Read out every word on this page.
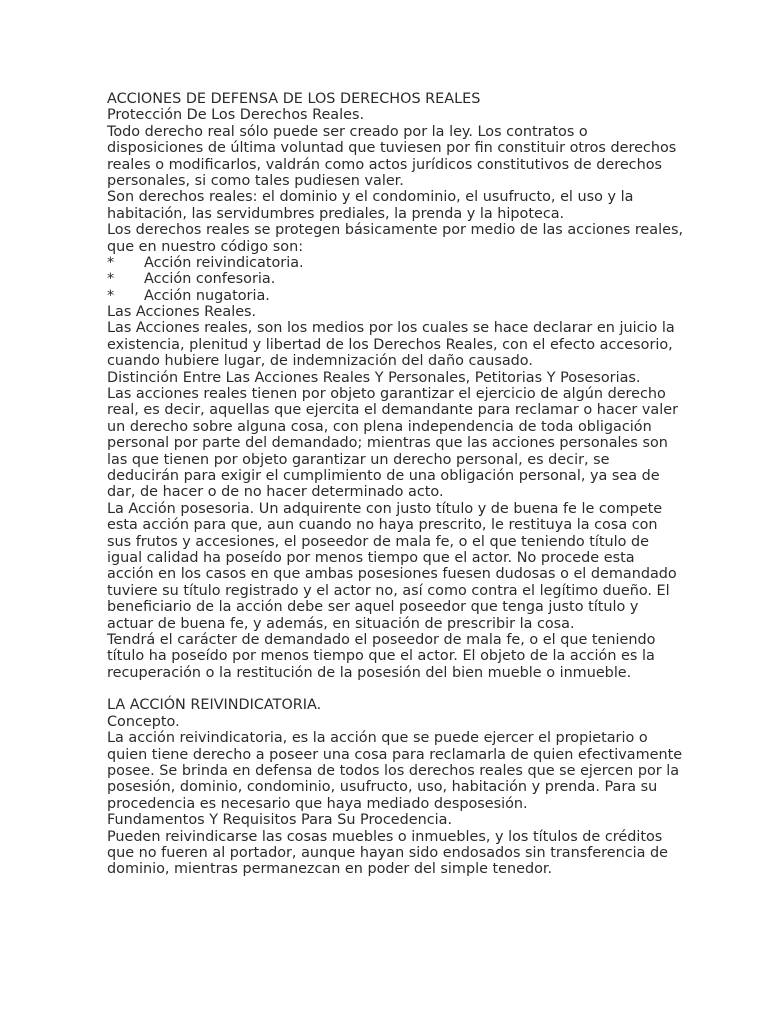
ACCIONES DE DEFENSA DE LOS DERECHOS REALES
Protección De Los Derechos Reales.
Todo derecho real sólo puede ser creado por la ley. Los contratos o
disposiciones de última voluntad que tuviesen por fin constituir otros derechos
reales o modificarlos, valdrán como actos jurídicos constitutivos de derechos
personales, si como tales pudiesen valer.
Son derechos reales: el dominio y el condominio, el usufructo, el uso y la
habitación, las servidumbres prediales, la prenda y la hipoteca.
Los derechos reales se protegen básicamente por medio de las acciones reales,
que en nuestro código son:
*	Acción reivindicatoria.
*	Acción confesoria.
*	Acción nugatoria.
Las Acciones Reales.
Las Acciones reales, son los medios por los cuales se hace declarar en juicio la
existencia, plenitud y libertad de los Derechos Reales, con el efecto accesorio,
cuando hubiere lugar, de indemnización del daño causado.
Distinción Entre Las Acciones Reales Y Personales, Petitorias Y Posesorias.
Las acciones reales tienen por objeto garantizar el ejercicio de algún derecho
real, es decir, aquellas que ejercita el demandante para reclamar o hacer valer
un derecho sobre alguna cosa, con plena independencia de toda obligación
personal por parte del demandado; mientras que las acciones personales son
las que tienen por objeto garantizar un derecho personal, es decir, se
deducirán para exigir el cumplimiento de una obligación personal, ya sea de
dar, de hacer o de no hacer determinado acto.
La Acción posesoria. Un adquirente con justo título y de buena fe le compete
esta acción para que, aun cuando no haya prescrito, le restituya la cosa con
sus frutos y accesiones, el poseedor de mala fe, o el que teniendo título de
igual calidad ha poseído por menos tiempo que el actor. No procede esta
acción en los casos en que ambas posesiones fuesen dudosas o el demandado
tuviere su título registrado y el actor no, así como contra el legítimo dueño. El
beneficiario de la acción debe ser aquel poseedor que tenga justo título y
actuar de buena fe, y además, en situación de prescribir la cosa.
Tendrá el carácter de demandado el poseedor de mala fe, o el que teniendo
título ha poseído por menos tiempo que el actor. El objeto de la acción es la
recuperación o la restitución de la posesión del bien mueble o inmueble.
LA ACCIÓN REIVINDICATORIA.
Concepto.
La acción reivindicatoria, es la acción que se puede ejercer el propietario o
quien tiene derecho a poseer una cosa para reclamarla de quien efectivamente
posee. Se brinda en defensa de todos los derechos reales que se ejercen por la
posesión, dominio, condominio, usufructo, uso, habitación y prenda. Para su
procedencia es necesario que haya mediado desposesión.
Fundamentos Y Requisitos Para Su Procedencia.
Pueden reivindicarse las cosas muebles o inmuebles, y los títulos de créditos
que no fueren al portador, aunque hayan sido endosados sin transferencia de
dominio, mientras permanezcan en poder del simple tenedor.
